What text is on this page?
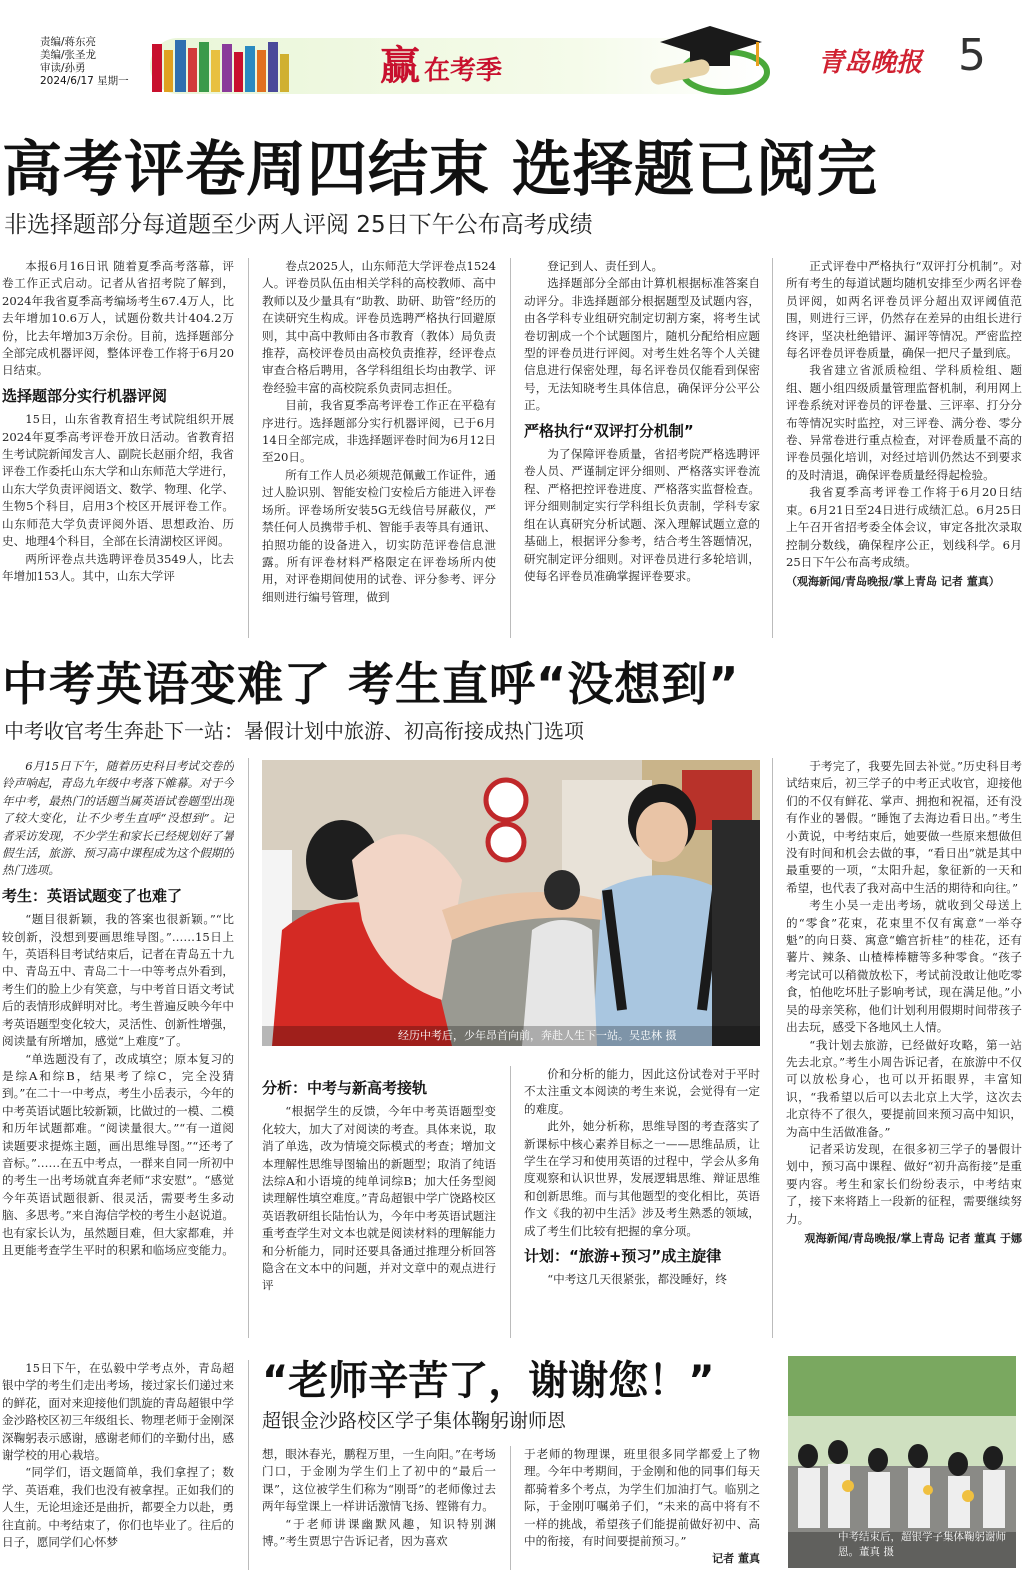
责编/蒋东亮
美编/张圣龙
审读/孙勇
2024/6/17 星期一	赢在考季	青岛晚报 5
高考评卷周四结束 选择题已阅完
非选择题部分每道题至少两人评阅 25日下午公布高考成绩

本报6月16日讯 随着夏季高考落幕，评卷工作正式启动。记者从省招考院了解到，2024年我省夏季高考编场考生67.4万人，比去年增加10.6万人，试题份数共计404.2万份，比去年增加3万余份。目前，选择题部分全部完成机器评阅，整体评卷工作将于6月20日结束。

选择题部分实行机器评阅

15日，山东省教育招生考试院组织开展2024年夏季高考评卷开放日活动。省教育招生考试院新闻发言人、副院长赵丽介绍，我省评卷工作委托山东大学和山东师范大学进行，山东大学负责评阅语文、数学、物理、化学、生物5个科目，启用3个校区开展评卷工作。山东师范大学负责评阅外语、思想政治、历史、地理4个科目，全部在长清湖校区评阅。

两所评卷点共选聘评卷员3549人，比去年增加153人。其中，山东大学评

卷点2025人，山东师范大学评卷点1524人。评卷员队伍由相关学科的高校教师、高中教师以及少量具有“助教、助研、助管”经历的在读研究生构成。评卷员选聘严格执行回避原则，其中高中教师由各市教育（教体）局负责推荐，高校评卷员由高校负责推荐，经评卷点审查合格后聘用，各学科组组长均由教学、评卷经验丰富的高校院系负责同志担任。

目前，我省夏季高考评卷工作正在平稳有序进行。选择题部分实行机器评阅，已于6月14日全部完成，非选择题评卷时间为6月12日至20日。

所有工作人员必须规范佩戴工作证件，通过人脸识别、智能安检门安检后方能进入评卷场所。评卷场所安装5G无线信号屏蔽仪，严禁任何人员携带手机、智能手表等具有通讯、拍照功能的设备进入，切实防范评卷信息泄露。所有评卷材料严格限定在评卷场所内使用，对评卷期间使用的试卷、评分参考、评分细则进行编号管理，做到

登记到人、责任到人。

选择题部分全部由计算机根据标准答案自动评分。非选择题部分根据题型及试题内容，由各学科专业组研究制定切割方案，将考生试卷切割成一个个试题图片，随机分配给相应题型的评卷员进行评阅。对考生姓名等个人关键信息进行保密处理，每名评卷员仅能看到保密号，无法知晓考生具体信息，确保评分公平公正。

严格执行“双评打分机制”

为了保障评卷质量，省招考院严格选聘评卷人员、严谨制定评分细则、严格落实评卷流程、严格把控评卷进度、严格落实监督检查。评分细则制定实行学科组长负责制，学科专家组在认真研究分析试题、深入理解试题立意的基础上，根据评分参考，结合考生答题情况，研究制定评分细则。对评卷员进行多轮培训，使每名评卷员准确掌握评卷要求。

正式评卷中严格执行“双评打分机制”。对所有考生的每道试题均随机安排至少两名评卷员评阅，如两名评卷员评分超出双评阈值范围，则进行三评，仍然存在差异的由组长进行终评，坚决杜绝错评、漏评等情况。严密监控每名评卷员评卷质量，确保一把尺子量到底。

我省建立省派质检组、学科质检组、题组、题小组四级质量管理监督机制，利用网上评卷系统对评卷员的评卷量、三评率、打分分布等情况实时监控，对三评卷、满分卷、零分卷、异常卷进行重点检查，对评卷质量不高的评卷员强化培训，对经过培训仍然达不到要求的及时清退，确保评卷质量经得起检验。

我省夏季高考评卷工作将于6月20日结束。6月21日至24日进行成绩汇总。6月25日上午召开省招考委全体会议，审定各批次录取控制分数线，确保程序公正，划线科学。6月25日下午公布高考成绩。

（观海新闻/青岛晚报/掌上青岛 记者 董真）
中考英语变难了 考生直呼“没想到”
中考收官考生奔赴下一站：暑假计划中旅游、初高衔接成热门选项

6月15日下午，随着历史科目考试交卷的铃声响起，青岛九年级中考落下帷幕。对于今年中考，最热门的话题当属英语试卷题型出现了较大变化，让不少考生直呼“没想到”。记者采访发现，不少学生和家长已经规划好了暑假生活，旅游、预习高中课程成为这个假期的热门选项。

考生：英语试题变了也难了

“题目很新颖，我的答案也很新颖。”“比较创新，没想到要画思维导图。”……15日上午，英语科目考试结束后，记者在青岛五十九中、青岛五中、青岛二十一中等考点外看到，考生们的脸上少有笑意，与中考首日语文考试后的表情形成鲜明对比。考生普遍反映今年中考英语题型变化较大，灵活性、创新性增强，阅读量有所增加，感觉“上难度”了。

“单选题没有了，改成填空；原本复习的是综A和综B，结果考了综C，完全没猜到。”在二十一中考点，考生小岳表示，今年的中考英语试题比较新颖，比做过的一模、二模和历年试题都难。“阅读量很大。”“有一道阅读题要求提炼主题，画出思维导图。”“还考了音标。”……在五中考点，一群来自同一所初中的考生一出考场就直奔老师“求安慰”。“感觉今年英语试题很新、很灵活，需要考生多动脑、多思考。”来自海信学校的考生小赵说道。也有家长认为，虽然题目难，但大家都难，并且更能考查学生平时的积累和临场应变能力。

经历中考后，少年昂首向前，奔赴人生下一站。吴忠林 摄
分析：中考与新高考接轨

“根据学生的反馈，今年中考英语题型变化较大，加大了对阅读的考查。具体来说，取消了单选，改为情境交际模式的考查；增加文本理解性思维导图输出的新题型；取消了纯语法综A和小语境的纯单词综B；加大任务型阅读理解性填空难度。”青岛超银中学广饶路校区英语教研组长陆怡认为，今年中考英语试题注重考查学生对文本也就是阅读材料的理解能力和分析能力，同时还要具备通过推理分析回答隐含在文本中的问题，并对文章中的观点进行评

价和分析的能力，因此这份试卷对于平时不太注重文本阅读的考生来说，会觉得有一定的难度。

此外，她分析称，思维导图的考查落实了新课标中核心素养目标之一——思维品质，让学生在学习和使用英语的过程中，学会从多角度观察和认识世界，发展逻辑思维、辩证思维和创新思维。而与其他题型的变化相比，英语作文《我的初中生活》涉及考生熟悉的领域，成了考生们比较有把握的拿分项。

计划：“旅游+预习”成主旋律

“中考这几天很紧张，都没睡好，终

于考完了，我要先回去补觉。”历史科目考试结束后，初三学子的中考正式收官，迎接他们的不仅有鲜花、掌声、拥抱和祝福，还有没有作业的暑假。“睡饱了去海边看日出。”考生小黄说，中考结束后，她要做一些原来想做但没有时间和机会去做的事，“看日出”就是其中最重要的一项，“太阳升起，象征新的一天和希望，也代表了我对高中生活的期待和向往。”

考生小吴一走出考场，就收到父母送上的“零食”花束，花束里不仅有寓意“一举夺魁”的向日葵、寓意“蟾宫折桂”的桂花，还有薯片、辣条、山楂棒棒糖等多种零食。“孩子考完试可以稍微放松下，考试前没敢让他吃零食，怕他吃坏肚子影响考试，现在满足他。”小吴的母亲笑称，他们计划利用假期时间带孩子出去玩，感受下各地风土人情。

“我计划去旅游，已经做好攻略，第一站先去北京。”考生小周告诉记者，在旅游中不仅可以放松身心，也可以开拓眼界，丰富知识，“我希望以后可以去北京上大学，这次去北京待不了很久，要提前回来预习高中知识，为高中生活做准备。”

记者采访发现，在很多初三学子的暑假计划中，预习高中课程、做好“初升高衔接”是重要内容。考生和家长们纷纷表示，中考结束了，接下来将踏上一段新的征程，需要继续努力。

观海新闻/青岛晚报/掌上青岛 记者 董真 于娜

15日下午，在弘毅中学考点外，青岛超银中学的考生们走出考场，接过家长们递过来的鲜花，面对来迎接他们凯旋的青岛超银中学金沙路校区初三年级组长、物理老师于金刚深深鞠躬表示感谢，感谢老师们的辛勤付出，感谢学校的用心栽培。

“同学们，语文题简单，我们拿捏了；数学、英语难，我们也没有被拿捏。正如我们的人生，无论坦途还是曲折，都要全力以赴，勇往直前。中考结束了，你们也毕业了。往后的日子，愿同学们心怀梦

“老师辛苦了，谢谢您！”
超银金沙路校区学子集体鞠躬谢师恩

想，眼沐春光，鹏程万里，一生向阳。”在考场门口，于金刚为学生们上了初中的“最后一课”，这位被学生们称为“刚哥”的老师像过去两年每堂课上一样讲话激情飞扬、铿锵有力。

“于老师讲课幽默风趣，知识特别渊博。”考生贾思宁告诉记者，因为喜欢

于老师的物理课，班里很多同学都爱上了物理。今年中考期间，于金刚和他的同事们每天都骑着多个考点，为学生们加油打气。临别之际，于金刚叮嘱弟子们，“未来的高中将有不一样的挑战，希望孩子们能提前做好初中、高中的衔接，有时间要提前预习。”

记者 董真
中考结束后，超银学子集体鞠躬谢师恩。董真 摄
